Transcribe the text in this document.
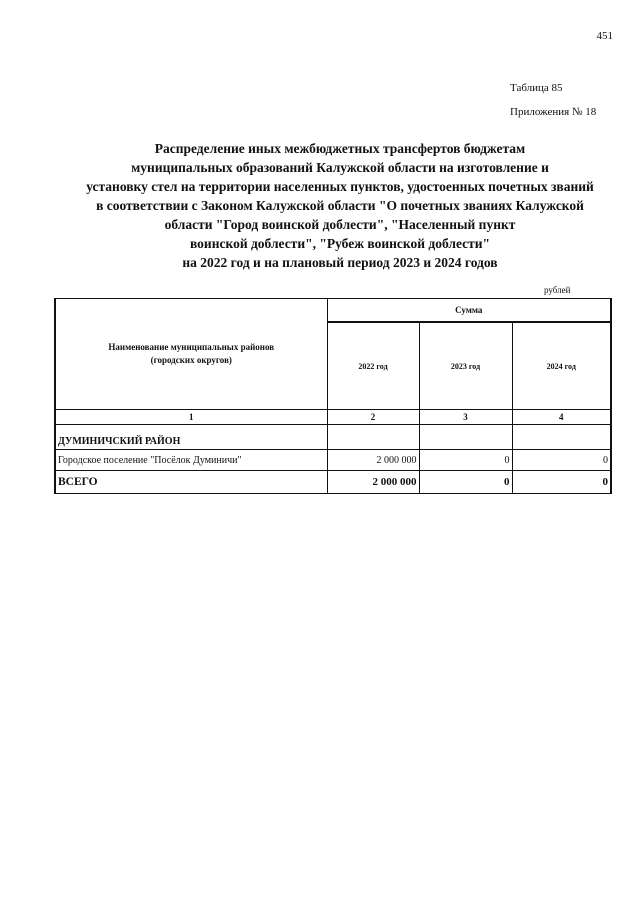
451
Таблица 85
Приложения № 18
Распределение иных межбюджетных трансфертов бюджетам
муниципальных образований Калужской области на изготовление и
установку стел на территории населенных пунктов, удостоенных почетных званий
в соответствии с Законом Калужской области "О почетных званиях Калужской
области "Город воинской доблести", "Населенный пункт
воинской доблести", "Рубеж воинской доблести"
на 2022 год и на плановый период 2023 и 2024 годов
рублей
Наименование муниципальных районов
(городских округов)	Сумма		
	2022 год	2023 год	2024 год
1	2	3	4
ДУМИНИЧСКИЙ РАЙОН			
Городское поселение "Посёлок Думиничи"	2 000 000	0	0
ВСЕГО	2 000 000	0	0
